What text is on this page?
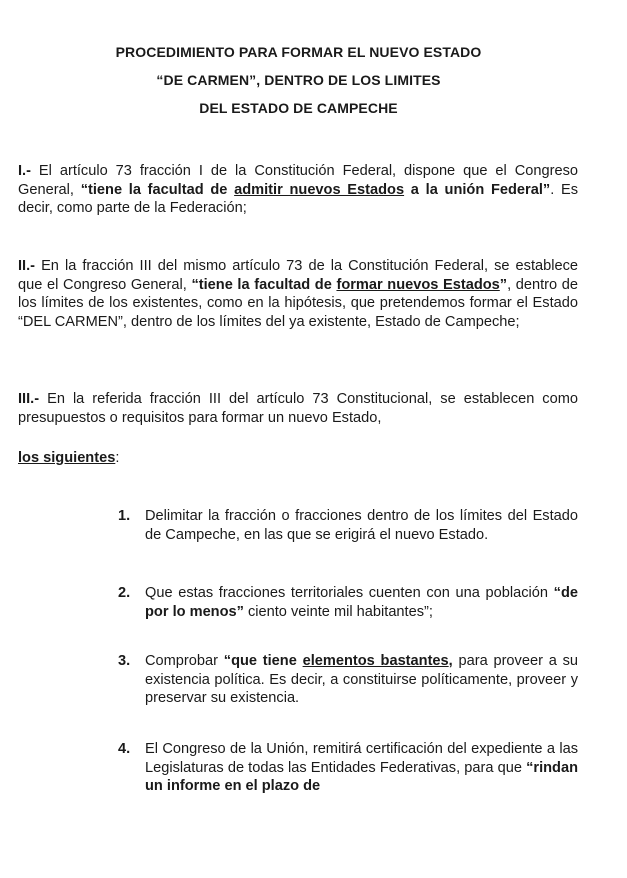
PROCEDIMIENTO PARA FORMAR EL NUEVO ESTADO
“DE CARMEN”, DENTRO DE LOS LIMITES
DEL ESTADO DE CAMPECHE
I.- El artículo 73 fracción I de la Constitución Federal, dispone que el Congreso General, “tiene la facultad de admitir nuevos Estados a la unión Federal”. Es decir, como parte de la Federación;
II.- En la fracción III del mismo artículo 73 de la Constitución Federal, se establece que el Congreso General, “tiene la facultad de formar nuevos Estados”, dentro de los límites de los existentes, como en la hipótesis, que pretendemos formar el Estado “DEL CARMEN”, dentro de los límites del ya existente, Estado de Campeche;
III.- En la referida fracción III del artículo 73 Constitucional, se establecen como presupuestos o requisitos para formar un nuevo Estado,
los siguientes:
1. Delimitar la fracción o fracciones dentro de los límites del Estado de Campeche, en las que se erigirá el nuevo Estado.
2. Que estas fracciones territoriales cuenten con una población “de por lo menos” ciento veinte mil habitantes”;
3. Comprobar “que tiene elementos bastantes, para proveer a su existencia política. Es decir, a constituirse políticamente, proveer y preservar su existencia.
4. El Congreso de la Unión, remitirá certificación del expediente a las Legislaturas de todas las Entidades Federativas, para que “rindan un informe en el plazo de
